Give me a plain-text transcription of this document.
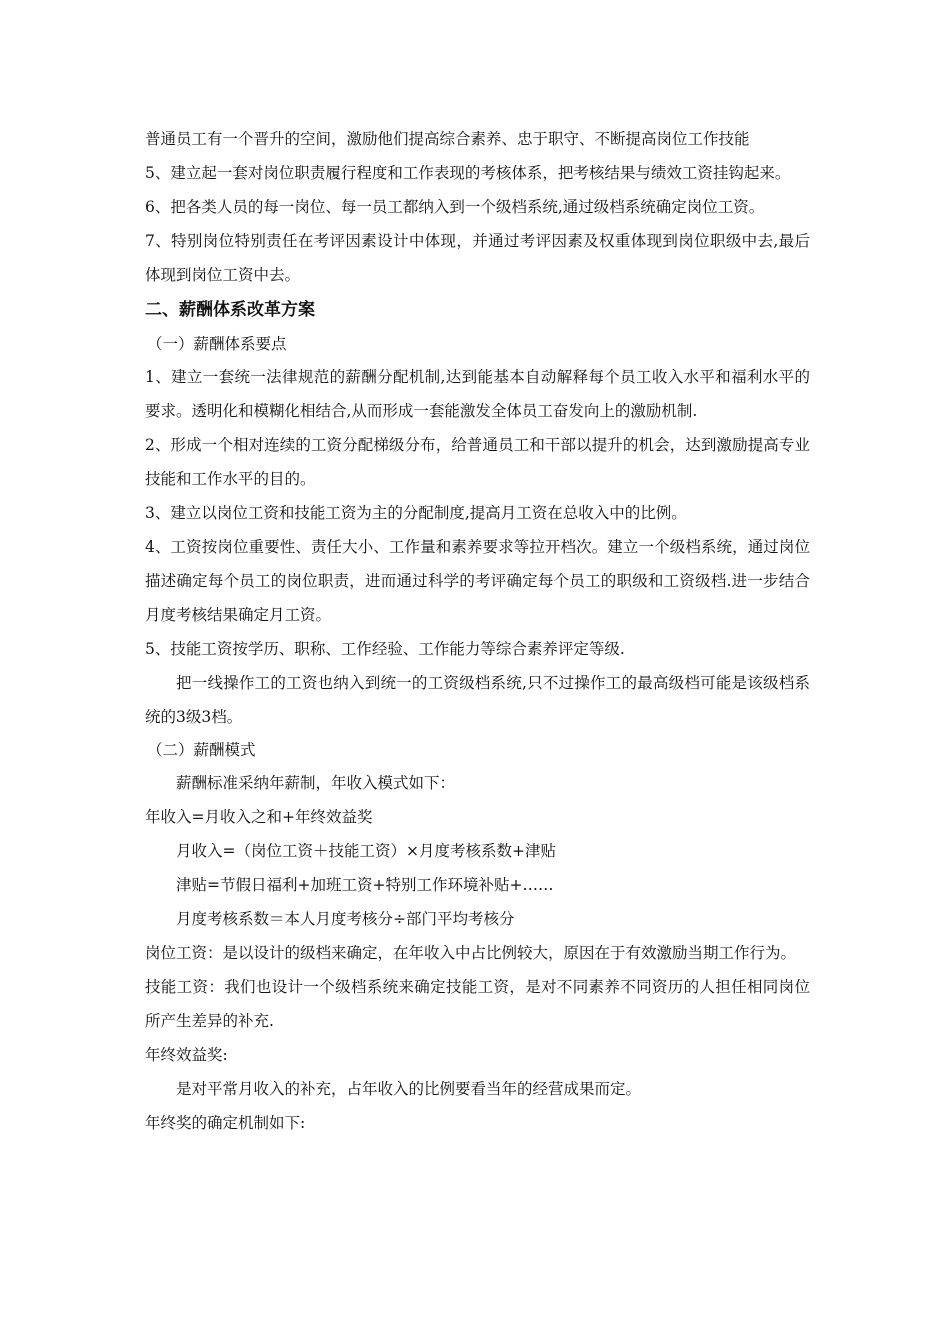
普通员工有一个晋升的空间，激励他们提高综合素养、忠于职守、不断提高岗位工作技能

5、建立起一套对岗位职责履行程度和工作表现的考核体系，把考核结果与绩效工资挂钩起来。

6、把各类人员的每一岗位、每一员工都纳入到一个级档系统,通过级档系统确定岗位工资。

7、特别岗位特别责任在考评因素设计中体现，并通过考评因素及权重体现到岗位职级中去,最后体现到岗位工资中去。

二、薪酬体系改革方案

（一）薪酬体系要点

1、建立一套统一法律规范的薪酬分配机制,达到能基本自动解释每个员工收入水平和福利水平的要求。透明化和模糊化相结合,从而形成一套能激发全体员工奋发向上的激励机制.

2、形成一个相对连续的工资分配梯级分布，给普通员工和干部以提升的机会，达到激励提高专业技能和工作水平的目的。

3、建立以岗位工资和技能工资为主的分配制度,提高月工资在总收入中的比例。

4、工资按岗位重要性、责任大小、工作量和素养要求等拉开档次。建立一个级档系统，通过岗位描述确定每个员工的岗位职责，进而通过科学的考评确定每个员工的职级和工资级档.进一步结合月度考核结果确定月工资。

5、技能工资按学历、职称、工作经验、工作能力等综合素养评定等级.

把一线操作工的工资也纳入到统一的工资级档系统,只不过操作工的最高级档可能是该级档系统的3级3档。

（二）薪酬模式

薪酬标准采纳年薪制，年收入模式如下：

年收入=月收入之和+年终效益奖

月收入=（岗位工资＋技能工资）×月度考核系数+津贴

津贴=节假日福利+加班工资+特别工作环境补贴+……

月度考核系数＝本人月度考核分÷部门平均考核分

岗位工资：是以设计的级档来确定，在年收入中占比例较大，原因在于有效激励当期工作行为。

技能工资：我们也设计一个级档系统来确定技能工资，是对不同素养不同资历的人担任相同岗位所产生差异的补充.

年终效益奖:

是对平常月收入的补充，占年收入的比例要看当年的经营成果而定。

年终奖的确定机制如下:
